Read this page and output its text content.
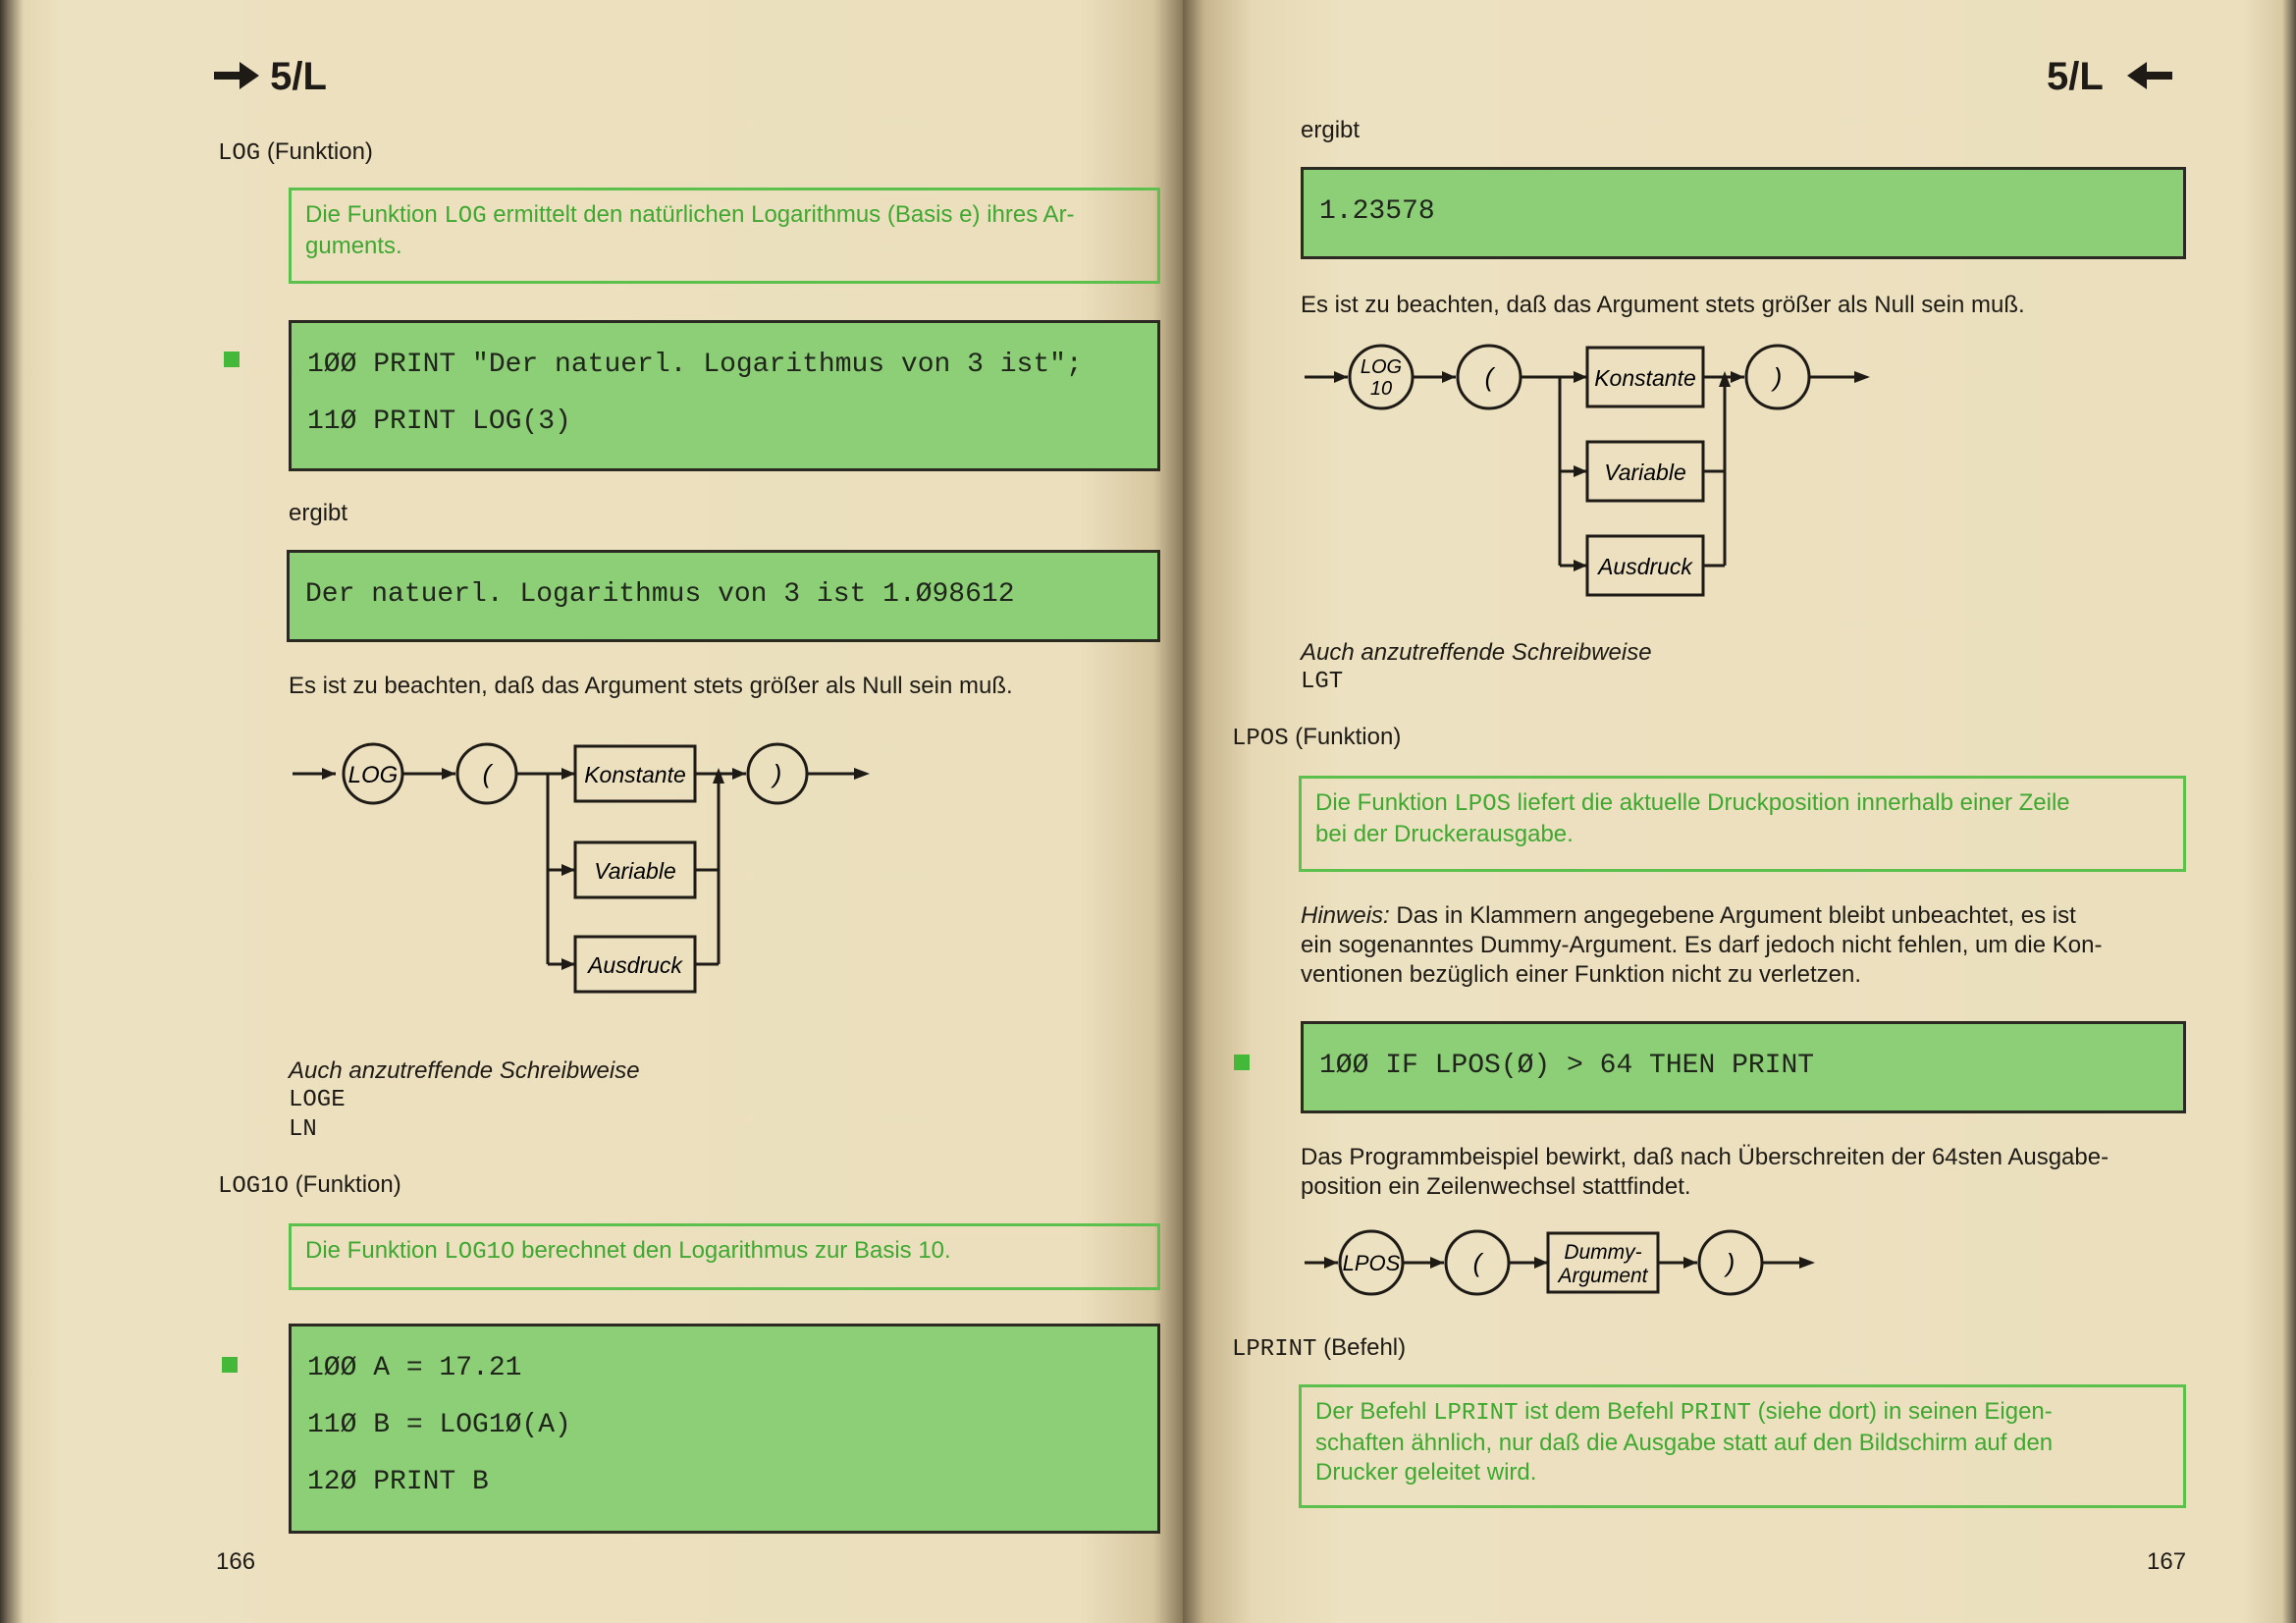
5/L
LOG (Funktion)
Die Funktion LOG ermittelt den natürlichen Logarithmus (Basis e) ihres Ar-
guments.
1ØØ PRINT "Der natuerl. Logarithmus von 3 ist";
11Ø PRINT LOG(3)
ergibt
Der natuerl. Logarithmus von 3 ist 1.Ø98612
Es ist zu beachten, daß das Argument stets größer als Null sein muß.
LOG	(	Konstante
Variable
Ausdruck
)
Auch anzutreffende Schreibweise
LOGE
LN
LOG1O (Funktion)
Die Funktion LOG1O berechnet den Logarithmus zur Basis 10.
1ØØ A = 17.21
11Ø B = LOG1Ø(A)
12Ø PRINT B
166
5/L
ergibt
1.23578
Es ist zu beachten, daß das Argument stets größer als Null sein muß.
LOG
10	(	Konstante
Variable
Ausdruck
)
Auch anzutreffende Schreibweise
LGT
LPOS (Funktion)
Die Funktion LPOS liefert die aktuelle Druckposition innerhalb einer Zeile
bei der Druckerausgabe.
Hinweis: Das in Klammern angegebene Argument bleibt unbeachtet, es ist
ein sogenanntes Dummy-Argument. Es darf jedoch nicht fehlen, um die Kon-
ventionen bezüglich einer Funktion nicht zu verletzen.
1ØØ IF LPOS(Ø) > 64 THEN PRINT
Das Programmbeispiel bewirkt, daß nach Überschreiten der 64sten Ausgabe-
position ein Zeilenwechsel stattfindet.
LPOS	(	Dummy-
Argument	)
LPRINT (Befehl)
Der Befehl LPRINT ist dem Befehl PRINT (siehe dort) in seinen Eigen-
schaften ähnlich, nur daß die Ausgabe statt auf den Bildschirm auf den
Drucker geleitet wird.
167
